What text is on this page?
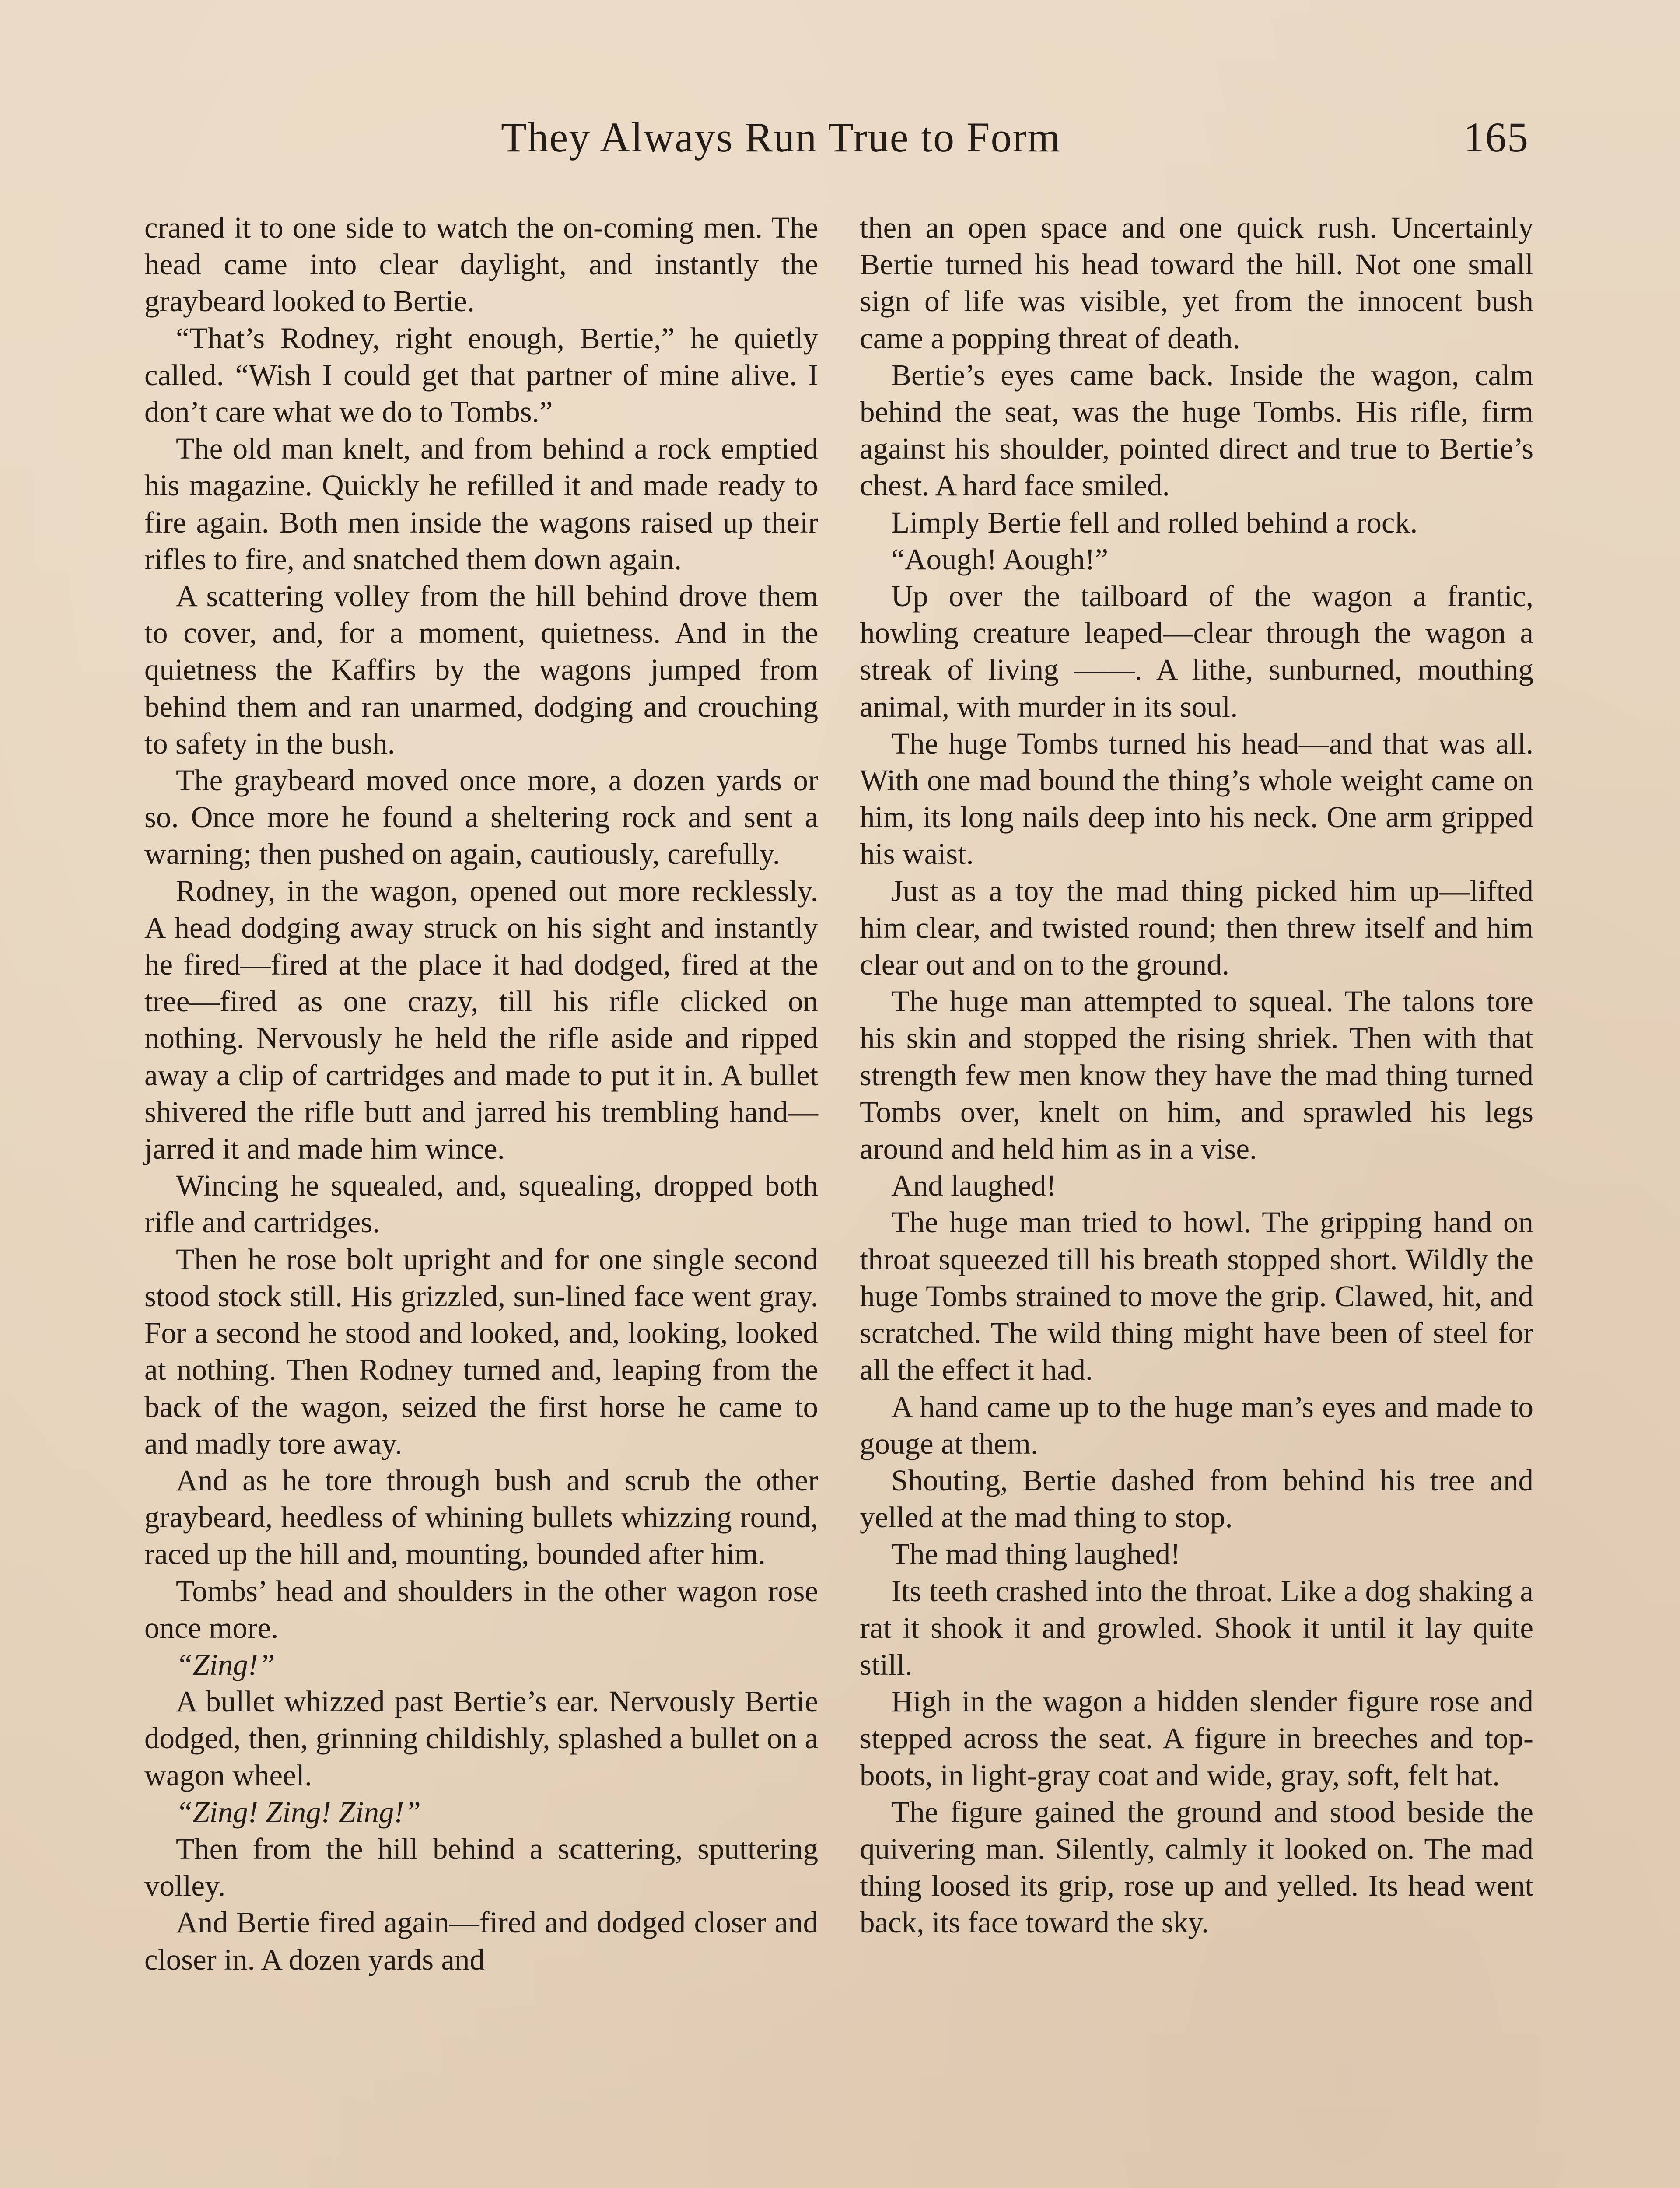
They Always Run True to Form	165

craned it to one side to watch the on-coming men. The head came into clear daylight, and instantly the graybeard looked to Bertie.

“That’s Rodney, right enough, Bertie,” he quietly called. “Wish I could get that partner of mine alive. I don’t care what we do to Tombs.”

The old man knelt, and from behind a rock emptied his magazine. Quickly he refilled it and made ready to fire again. Both men inside the wagons raised up their rifles to fire, and snatched them down again.

A scattering volley from the hill behind drove them to cover, and, for a moment, quietness. And in the quietness the Kaffirs by the wagons jumped from behind them and ran unarmed, dodging and crouching to safety in the bush.

The graybeard moved once more, a dozen yards or so. Once more he found a sheltering rock and sent a warning; then pushed on again, cautiously, carefully.

Rodney, in the wagon, opened out more recklessly. A head dodging away struck on his sight and instantly he fired—fired at the place it had dodged, fired at the tree—fired as one crazy, till his rifle clicked on nothing. Nervously he held the rifle aside and ripped away a clip of cartridges and made to put it in. A bullet shivered the rifle butt and jarred his trembling hand—jarred it and made him wince.

Wincing he squealed, and, squealing, dropped both rifle and cartridges.

Then he rose bolt upright and for one single second stood stock still. His grizzled, sun-lined face went gray. For a second he stood and looked, and, looking, looked at nothing. Then Rodney turned and, leaping from the back of the wagon, seized the first horse he came to and madly tore away.

And as he tore through bush and scrub the other graybeard, heedless of whining bullets whizzing round, raced up the hill and, mounting, bounded after him.

Tombs’ head and shoulders in the other wagon rose once more.

“Zing!”

A bullet whizzed past Bertie’s ear. Nervously Bertie dodged, then, grinning childishly, splashed a bullet on a wagon wheel.

“Zing! Zing! Zing!”

Then from the hill behind a scattering, sputtering volley.

And Bertie fired again—fired and dodged closer and closer in. A dozen yards and

then an open space and one quick rush. Uncertainly Bertie turned his head toward the hill. Not one small sign of life was visible, yet from the innocent bush came a popping threat of death.

Bertie’s eyes came back. Inside the wagon, calm behind the seat, was the huge Tombs. His rifle, firm against his shoulder, pointed direct and true to Bertie’s chest. A hard face smiled.

Limply Bertie fell and rolled behind a rock.

“Aough! Aough!”

Up over the tailboard of the wagon a frantic, howling creature leaped—clear through the wagon a streak of living ——. A lithe, sunburned, mouthing animal, with murder in its soul.

The huge Tombs turned his head—and that was all. With one mad bound the thing’s whole weight came on him, its long nails deep into his neck. One arm gripped his waist.

Just as a toy the mad thing picked him up—lifted him clear, and twisted round; then threw itself and him clear out and on to the ground.

The huge man attempted to squeal. The talons tore his skin and stopped the rising shriek. Then with that strength few men know they have the mad thing turned Tombs over, knelt on him, and sprawled his legs around and held him as in a vise.

And laughed!

The huge man tried to howl. The gripping hand on throat squeezed till his breath stopped short. Wildly the huge Tombs strained to move the grip. Clawed, hit, and scratched. The wild thing might have been of steel for all the effect it had.

A hand came up to the huge man’s eyes and made to gouge at them.

Shouting, Bertie dashed from behind his tree and yelled at the mad thing to stop.

The mad thing laughed!

Its teeth crashed into the throat. Like a dog shaking a rat it shook it and growled. Shook it until it lay quite still.

High in the wagon a hidden slender figure rose and stepped across the seat. A figure in breeches and top-boots, in light-gray coat and wide, gray, soft, felt hat.

The figure gained the ground and stood beside the quivering man. Silently, calmly it looked on. The mad thing loosed its grip, rose up and yelled. Its head went back, its face toward the sky.
